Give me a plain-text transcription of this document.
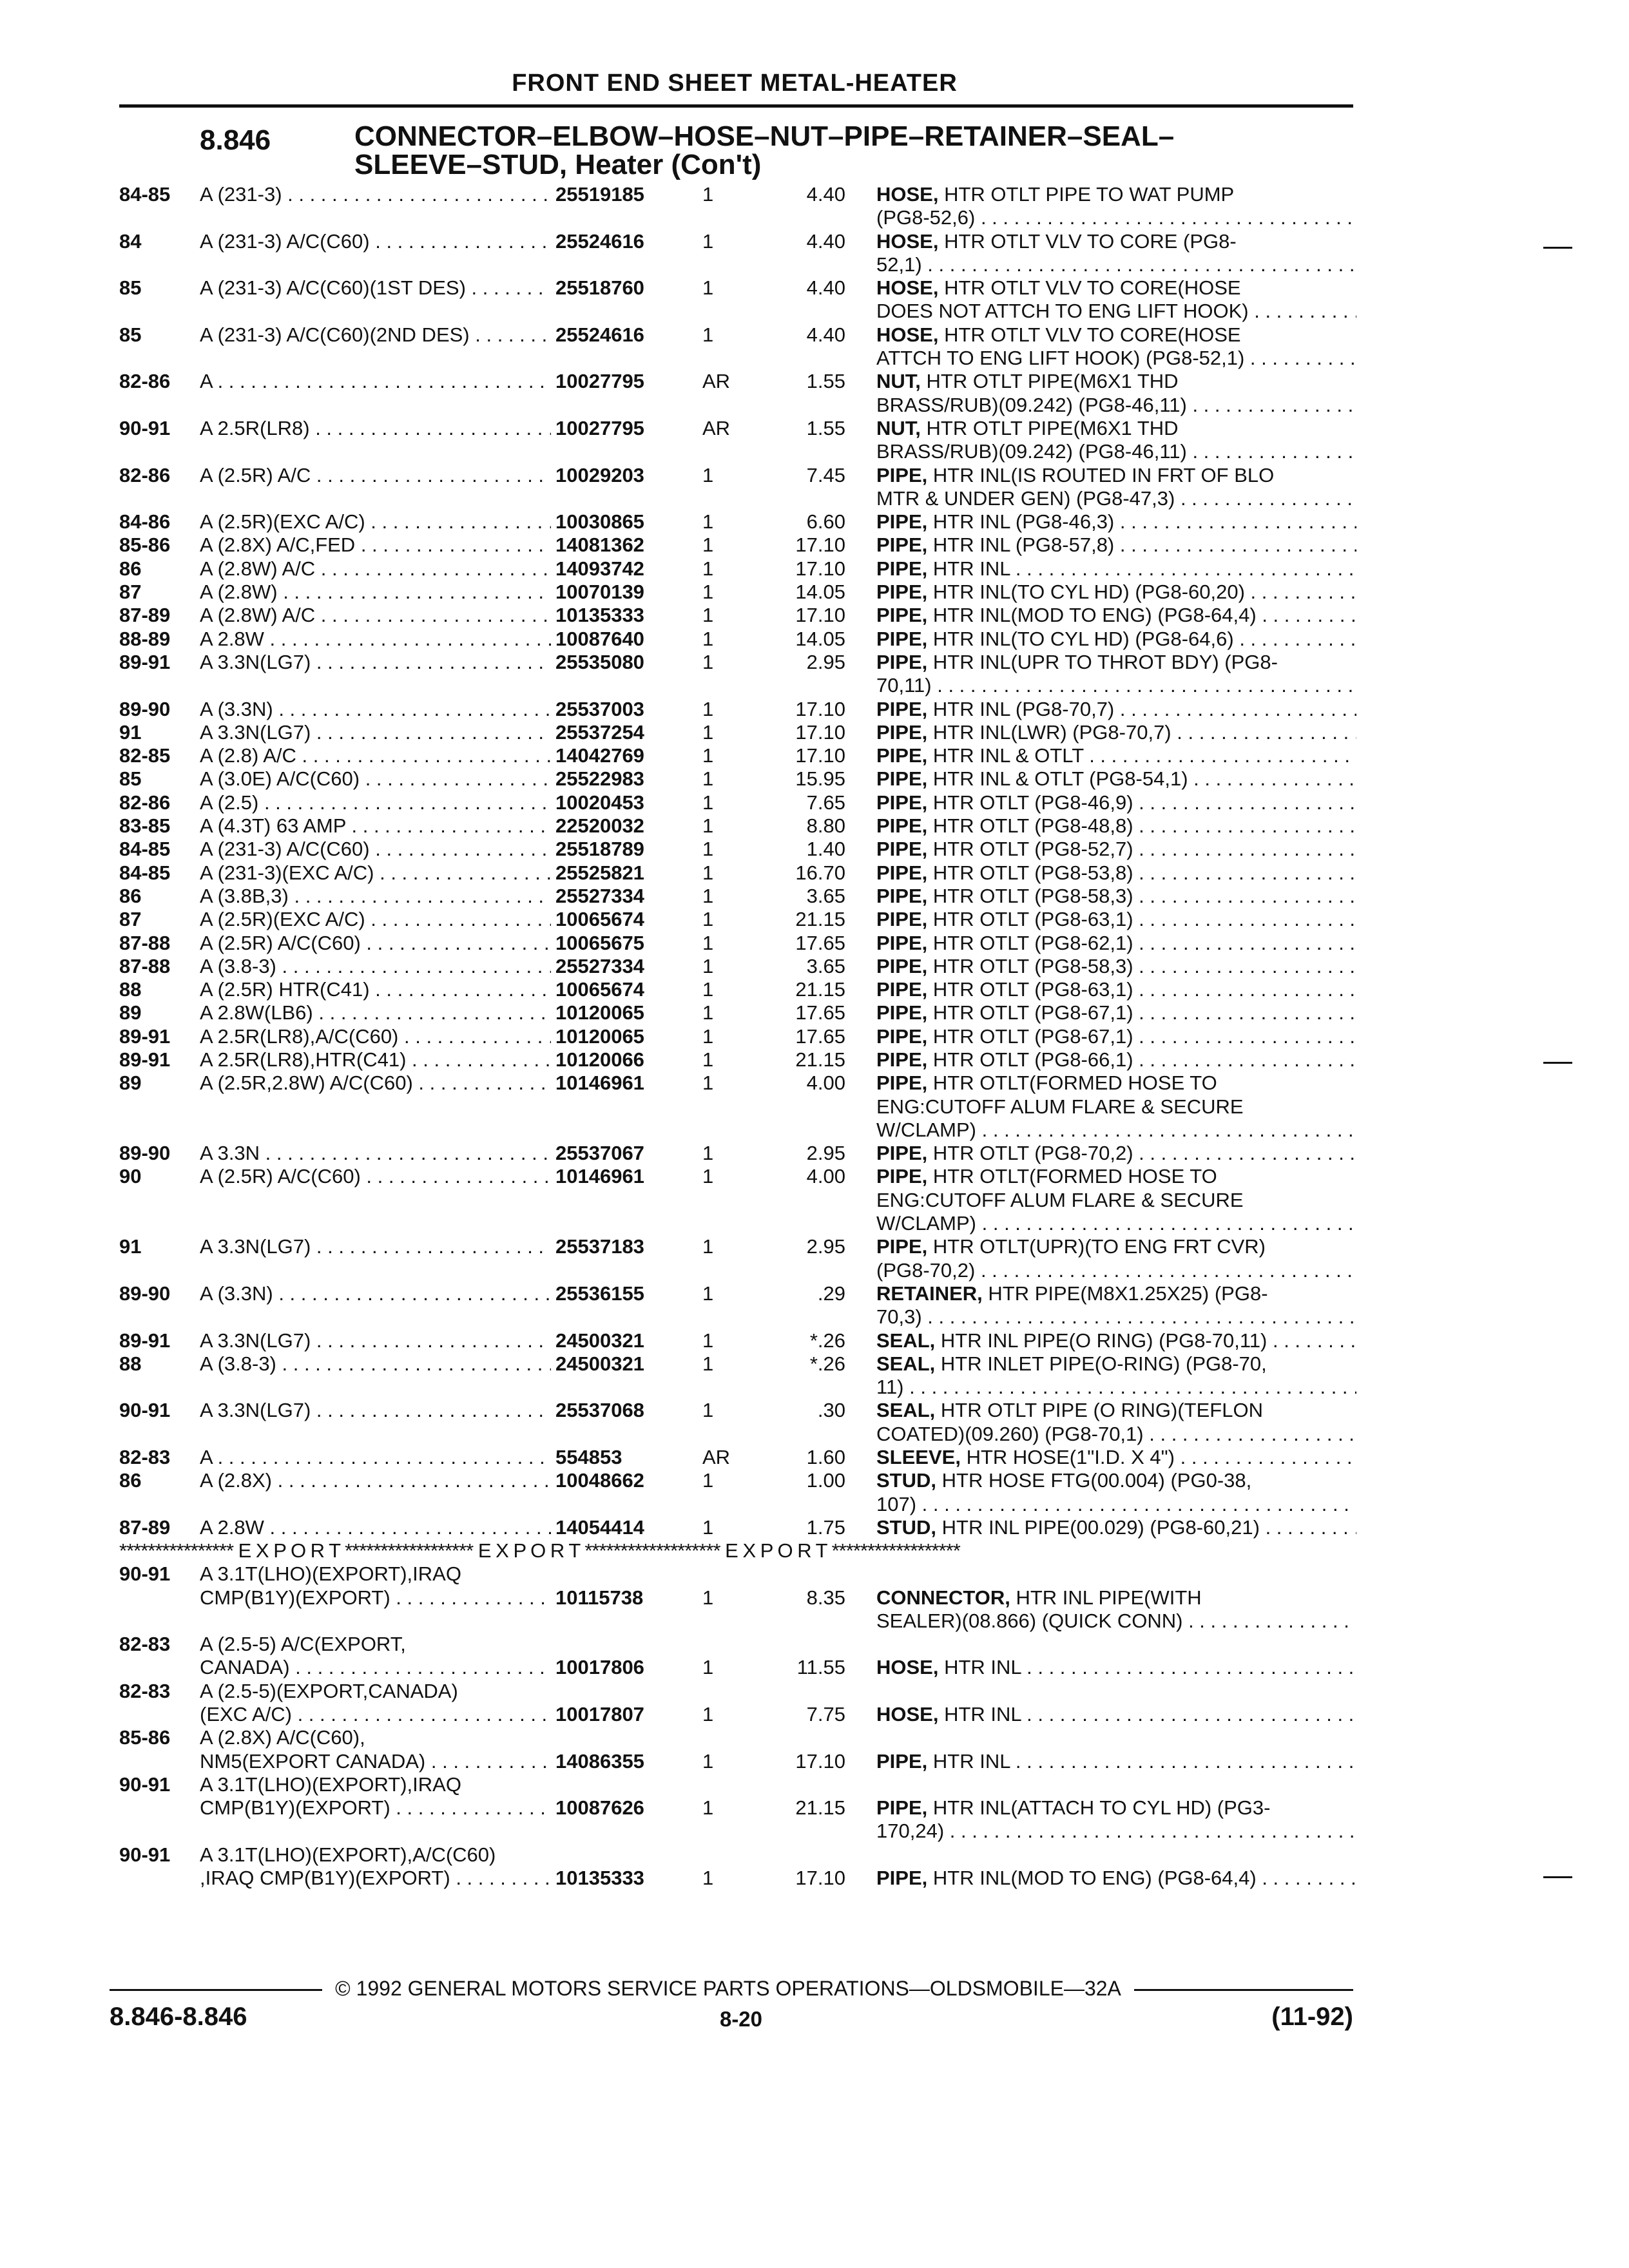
FRONT END SHEET METAL-HEATER
8.846	CONNECTOR–ELBOW–HOSE–NUT–PIPE–RETAINER–SEAL–
SLEEVE–STUD, Heater (Con't)
84-85	A (231-3) . . .	25519185	1	4.40 HOSE, HTR OTLT PIPE TO WAT PUMP
(PG8-52,6) . . .
84	A (231-3) A/C(C60) . . .	25524616	1	4.40 HOSE, HTR OTLT VLV TO CORE (PG8-
52,1) . . .
85	A (231-3) A/C(C60)(1ST DES) . . .	25518760	1	4.40 HOSE, HTR OTLT VLV TO CORE(HOSE
DOES NOT ATTCH TO ENG LIFT HOOK) . . .
85	A (231-3) A/C(C60)(2ND DES) . . .	25524616	1	4.40 HOSE, HTR OTLT VLV TO CORE(HOSE
ATTCH TO ENG LIFT HOOK) (PG8-52,1) . . .
82-86	A . . .	10027795	AR	1.55 NUT, HTR OTLT PIPE(M6X1 THD
BRASS/RUB)(09.242) (PG8-46,11) . . .
90-91	A 2.5R(LR8) . . .	10027795	AR	1.55 NUT, HTR OTLT PIPE(M6X1 THD
BRASS/RUB)(09.242) (PG8-46,11) . . .
82-86	A (2.5R) A/C . . .	10029203	1	7.45 PIPE, HTR INL(IS ROUTED IN FRT OF BLO
MTR & UNDER GEN) (PG8-47,3) . . .
84-86	A (2.5R)(EXC A/C) . . .	10030865	1	6.60 PIPE, HTR INL (PG8-46,3) . . .
85-86	A (2.8X) A/C,FED . . .	14081362	1	17.10 PIPE, HTR INL (PG8-57,8) . . .
86	A (2.8W) A/C . . .	14093742	1	17.10 PIPE, HTR INL . . .
87	A (2.8W) . . .	10070139	1	14.05 PIPE, HTR INL(TO CYL HD) (PG8-60,20) . . .
87-89	A (2.8W) A/C . . .	10135333	1	17.10 PIPE, HTR INL(MOD TO ENG) (PG8-64,4) . . .
88-89	A 2.8W . . .	10087640	1	14.05 PIPE, HTR INL(TO CYL HD) (PG8-64,6) . . .
89-91	A 3.3N(LG7) . . .	25535080	1	2.95 PIPE, HTR INL(UPR TO THROT BDY) (PG8-
70,11) . . .
89-90	A (3.3N) . . .	25537003	1	17.10 PIPE, HTR INL (PG8-70,7) . . .
91	A 3.3N(LG7) . . .	25537254	1	17.10 PIPE, HTR INL(LWR) (PG8-70,7) . . .
82-85	A (2.8) A/C . . .	14042769	1	17.10 PIPE, HTR INL & OTLT . . .
85	A (3.0E) A/C(C60) . . .	25522983	1	15.95 PIPE, HTR INL & OTLT (PG8-54,1) . . .
82-86	A (2.5) . . .	10020453	1	7.65 PIPE, HTR OTLT (PG8-46,9) . . .
83-85	A (4.3T) 63 AMP . . .	22520032	1	8.80 PIPE, HTR OTLT (PG8-48,8) . . .
84-85	A (231-3) A/C(C60) . . .	25518789	1	1.40 PIPE, HTR OTLT (PG8-52,7) . . .
84-85	A (231-3)(EXC A/C) . . .	25525821	1	16.70 PIPE, HTR OTLT (PG8-53,8) . . .
86	A (3.8B,3) . . .	25527334	1	3.65 PIPE, HTR OTLT (PG8-58,3) . . .
87	A (2.5R)(EXC A/C) . . .	10065674	1	21.15 PIPE, HTR OTLT (PG8-63,1) . . .
87-88	A (2.5R) A/C(C60) . . .	10065675	1	17.65 PIPE, HTR OTLT (PG8-62,1) . . .
87-88	A (3.8-3) . . .	25527334	1	3.65 PIPE, HTR OTLT (PG8-58,3) . . .
88	A (2.5R) HTR(C41) . . .	10065674	1	21.15 PIPE, HTR OTLT (PG8-63,1) . . .
89	A 2.8W(LB6) . . .	10120065	1	17.65 PIPE, HTR OTLT (PG8-67,1) . . .
89-91	A 2.5R(LR8),A/C(C60) . . .	10120065	1	17.65 PIPE, HTR OTLT (PG8-67,1) . . .
89-91	A 2.5R(LR8),HTR(C41) . . .	10120066	1	21.15 PIPE, HTR OTLT (PG8-66,1) . . .
89	A (2.5R,2.8W) A/C(C60) . . .	10146961	1	4.00 PIPE, HTR OTLT(FORMED HOSE TO
ENG:CUTOFF ALUM FLARE & SECURE
W/CLAMP) . . .
89-90	A 3.3N . . .	25537067	1	2.95 PIPE, HTR OTLT (PG8-70,2) . . .
90	A (2.5R) A/C(C60) . . .	10146961	1	4.00 PIPE, HTR OTLT(FORMED HOSE TO
ENG:CUTOFF ALUM FLARE & SECURE
W/CLAMP) . . .
91	A 3.3N(LG7) . . .	25537183	1	2.95 PIPE, HTR OTLT(UPR)(TO ENG FRT CVR)
(PG8-70,2) . . .
89-90	A (3.3N) . . .	25536155	1	.29 RETAINER, HTR PIPE(M8X1.25X25) (PG8-
70,3) . . .
89-91	A 3.3N(LG7) . . .	24500321	1	*.26 SEAL, HTR INL PIPE(O RING) (PG8-70,11) . . .
88	A (3.8-3) . . .	24500321	1	*.26 SEAL, HTR INLET PIPE(O-RING) (PG8-70,
11) . . .
90-91	A 3.3N(LG7) . . .	25537068	1	.30 SEAL, HTR OTLT PIPE (O RING)(TEFLON
COATED)(09.260) (PG8-70,1) . . .
82-83	A . . .	554853	AR	1.60 SLEEVE, HTR HOSE(1"I.D. X 4") . . .
86	A (2.8X) . . .	10048662	1	1.00 STUD, HTR HOSE FTG(00.004) (PG0-38,
107) . . .
87-89	A 2.8W . . .	14054414	1	1.75 STUD, HTR INL PIPE(00.029) (PG8-60,21) . . .
**************** E X P O R T ****************** E X P O R T ******************* E X P O R T ******************
90-91	A 3.1T(LHO)(EXPORT),IRAQ
CMP(B1Y)(EXPORT) . . .	10115738	1	8.35 CONNECTOR, HTR INL PIPE(WITH
SEALER)(08.866) (QUICK CONN) . . .
82-83	A (2.5-5) A/C(EXPORT,
CANADA) . . .	10017806	1	11.55 HOSE, HTR INL . . .
82-83	A (2.5-5)(EXPORT,CANADA)
(EXC A/C) . . .	10017807	1	7.75 HOSE, HTR INL . . .
85-86	A (2.8X) A/C(C60),
NM5(EXPORT CANADA) . . .	14086355	1	17.10 PIPE, HTR INL . . .
90-91	A 3.1T(LHO)(EXPORT),IRAQ
CMP(B1Y)(EXPORT) . . .	10087626	1	21.15 PIPE, HTR INL(ATTACH TO CYL HD) (PG3-
170,24) . . .
90-91	A 3.1T(LHO)(EXPORT),A/C(C60)
,IRAQ CMP(B1Y)(EXPORT) . . .	10135333	1	17.10 PIPE, HTR INL(MOD TO ENG) (PG8-64,4) . . .
© 1992 GENERAL MOTORS SERVICE PARTS OPERATIONS—OLDSMOBILE—32A
8.846-8.846	8-20	(11-92)
